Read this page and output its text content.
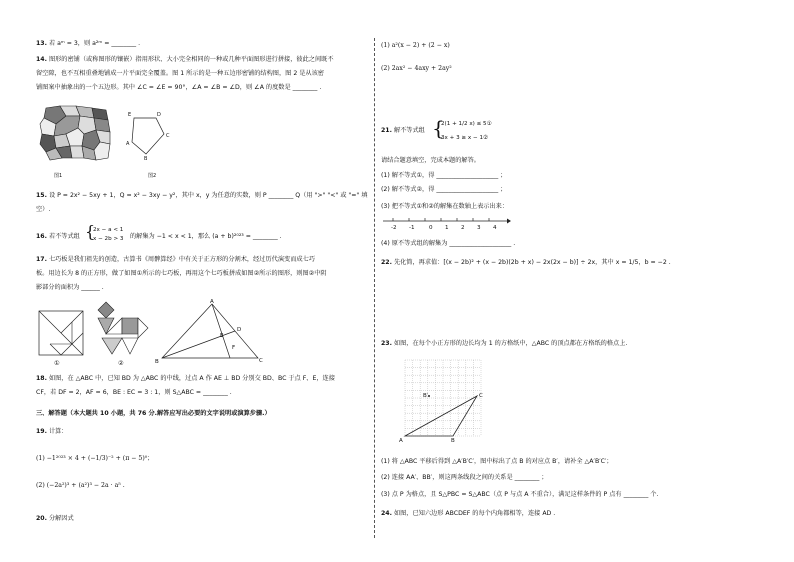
13. 若 aᵐ = 3，则 a²ᵐ = ________ .
14. 图形的密铺（或称图形的镶嵌）指用形状、大小完全相同的一种或几种平面图形进行拼接，彼此之间既不
留空隙，也不互相重叠地铺成一片平面完全覆盖。图 1 所示的是一种五边形密铺的结构图，图 2 是从该密
铺图案中抽象出的一个五边形。其中 ∠C = ∠E = 90°，∠A = ∠B = ∠D，则 ∠A 的度数是 ________ .
图1
E	D
A
C
B
图2
15. 设 P = 2x² − 5xy + 1，Q = x² − 3xy − y²，其中 x，y 为任意的实数，则 P ________ Q（用 ">" "<" 或 "=" 填
空）.
16. 若不等式组 {
2x − a < 1
x − 2b > 3 的解集为 −1 < x < 1，那么 (a + b)²⁰²³ = ________ .
17. 七巧板是我们祖先的创造，古算书《周髀算经》中有关于正方形的分割术，经过历代演变而成七巧
板。用边长为 8 的正方形，做了如图①所示的七巧板，再用这个七巧板拼成如图②所示的图形，则图②中阴
影部分的面积为 ______ .
①	②
A
D
E
F
B	C
18. 如图，在 △ABC 中，已知 BD 为 △ABC 的中线，过点 A 作 AE ⊥ BD 分别交 BD、BC 于点 F、E，连接
CF，若 DF = 2，AF = 6，BE : EC = 3 : 1，则 S△ABC = ________ .
三、解答题（本大题共 10 小题，共 76 分.解答应写出必要的文字说明或演算步骤.）
19. 计算：
(1) −1²⁰²³ × 4 + (−1/3)⁻² + (π − 5)⁰；
(2) (−2a²)³ + (a²)³ − 2a · a⁵ .
20. 分解因式
(1) a²(x − 2) + (2 − x)
(2) 2ax² − 4axy + 2ay²
21. 解不等式组 {
2(1 + 1/2 x) ≤ 5①
3x + 3 ≥ x − 1②
请结合题意填空，完成本题的解答。
(1) 解不等式①，得 ____________________ ；
(2) 解不等式②，得 ____________________ ；
(3) 把不等式①和②的解集在数轴上表示出来：
-2 -1	0 1 2 3 4
(4) 原不等式组的解集为 ____________________ .
22. 先化简，再求值：[(x − 2b)² + (x − 2b)(2b + x) − 2x(2x − b)] ÷ 2x，其中 x = 1/5，b = −2 .
23. 如图，在每个小正方形的边长均为 1 的方格纸中，△ABC 的顶点都在方格纸的格点上.
B′	C
A	B
(1) 将 △ABC 平移后得到 △A′B′C′，图中标出了点 B 的对应点 B′，请补全 △A′B′C′；
(2) 连接 AA′、BB′，则这两条线段之间的关系是 ________ ；
(3) 点 P 为格点，且 S△PBC = S△ABC（点 P 与点 A 不重合），满足这样条件的 P 点有 ________ 个.
24. 如图，已知六边形 ABCDEF 的每个内角都相等，连接 AD .
